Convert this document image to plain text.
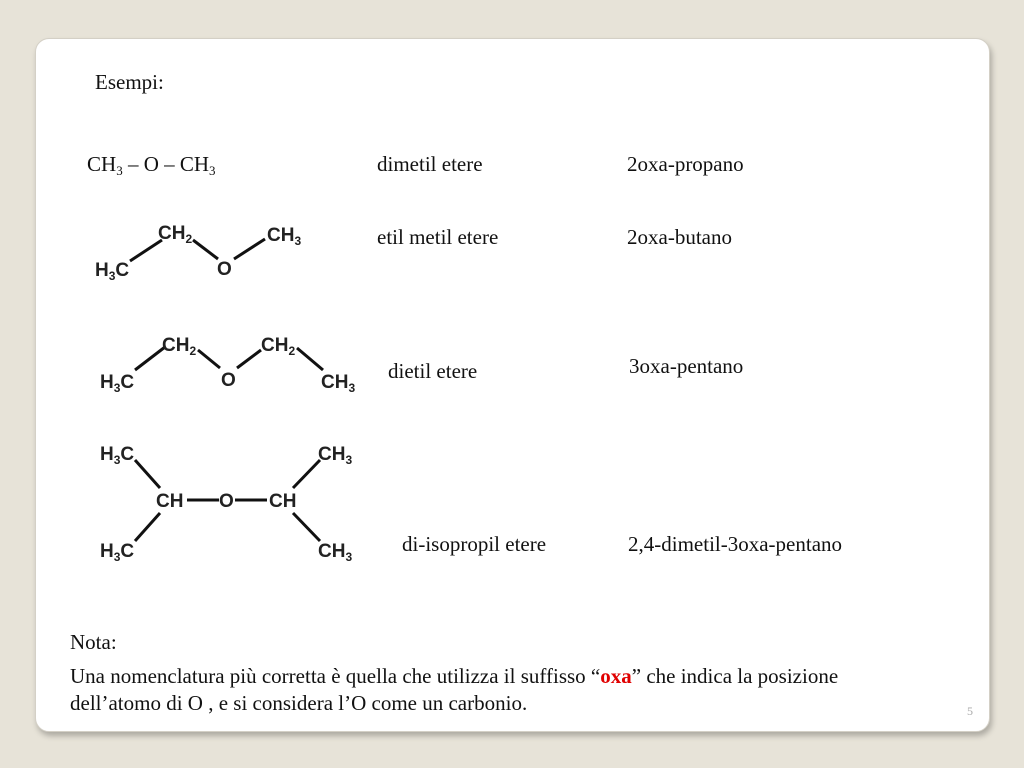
Esempi:
$CH_3$ – O – $CH_3$	dimetil etere	2oxa-propano
$H_3C$
$CH_2$
O
$CH_3$	etil metil etere	2oxa-butano
$H_3C$
$CH_2$
O
$CH_2$
$CH_3$
dietil etere	3oxa-pentano
$H_3C$	$CH_3$
CH O CH
$H_3C$	$CH_3$
di-isopropil etere	2,4-dimetil-3oxa-pentano
Nota:
Una nomenclatura più corretta è quella che utilizza il suffisso “oxa” che indica la posizione dell’atomo di O , e si considera l’O come un carbonio.	5
